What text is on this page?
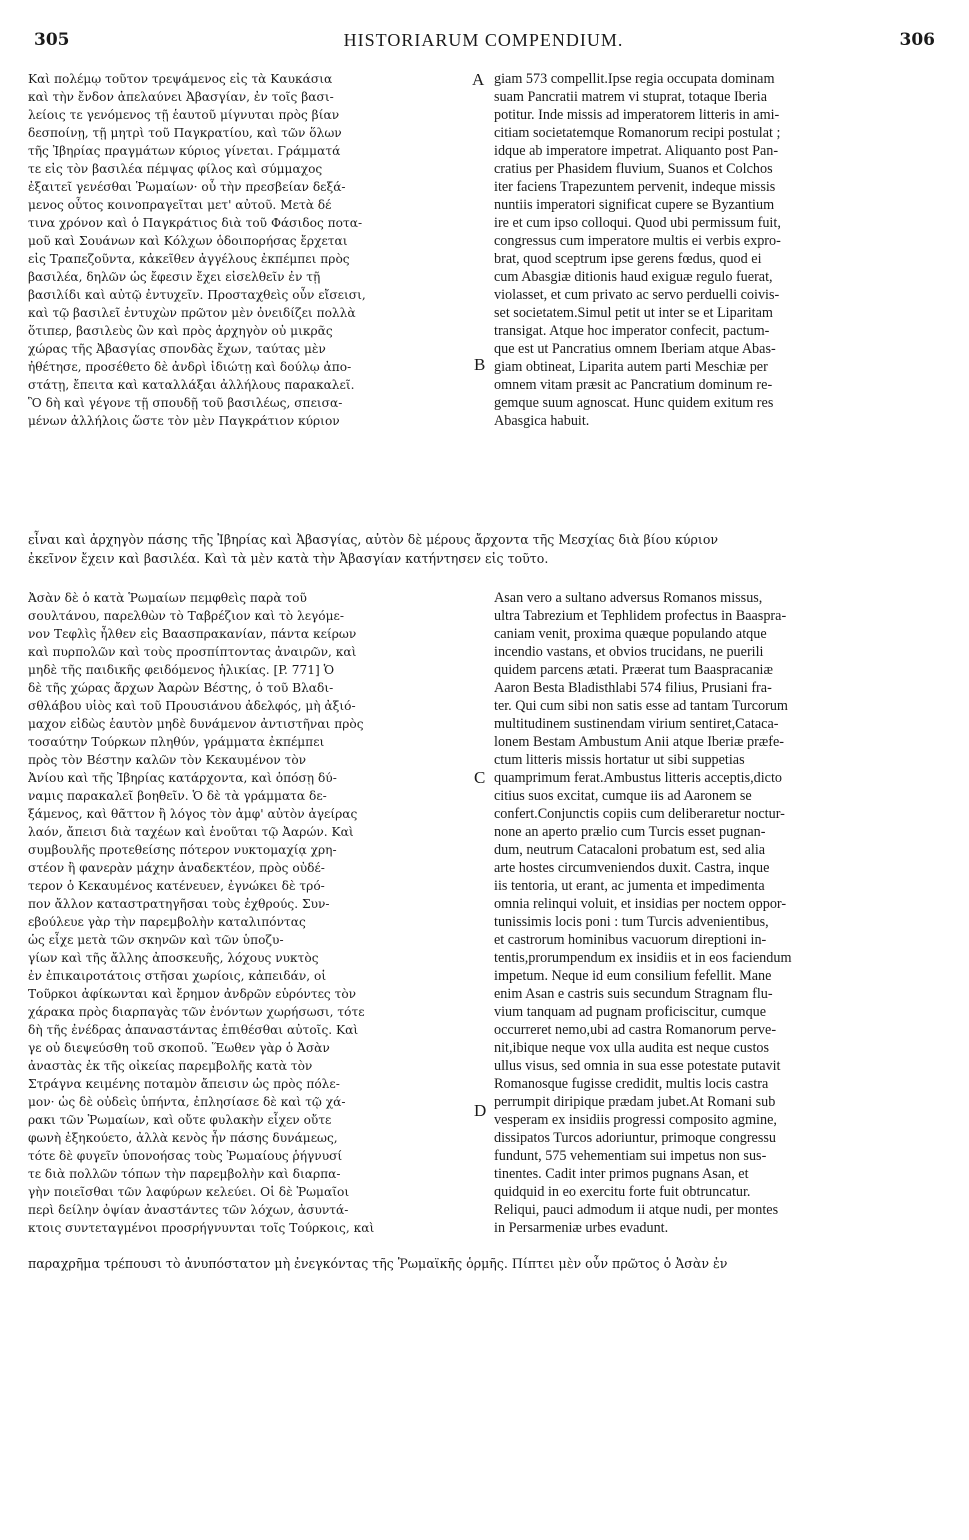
305	HISTORIARUM COMPENDIUM.	306
Καὶ πολέμῳ τοῦτον τρεψάμενος εἰς τὰ Καυκάσια
καὶ τὴν ἔνδον ἀπελαύνει Ἀβασγίαν, ἐν τοῖς βασι-
λείοις τε γενόμενος τῇ ἑαυτοῦ μίγνυται πρὸς βίαν
δεσποίνῃ, τῇ μητρὶ τοῦ Παγκρατίου, καὶ τῶν ὅλων
τῆς Ἰβηρίας πραγμάτων κύριος γίνεται. Γράμματά
τε εἰς τὸν βασιλέα πέμψας φίλος καὶ σύμμαχος
ἐξαιτεῖ γενέσθαι Ῥωμαίων· οὗ τὴν πρεσβείαν δεξά-
μενος οὗτος κοινοπραγεῖται μετ' αὐτοῦ. Μετὰ δέ
τινα χρόνον καὶ ὁ Παγκράτιος διὰ τοῦ Φάσιδος ποτα-
μοῦ καὶ Σουάνων καὶ Κόλχων ὁδοιπορήσας ἔρχεται
εἰς Τραπεζοῦντα, κἀκεῖθεν ἀγγέλους ἐκπέμπει πρὸς
βασιλέα, δηλῶν ὡς ἔφεσιν ἔχει εἰσελθεῖν ἐν τῇ
βασιλίδι καὶ αὐτῷ ἐντυχεῖν. Προσταχθεὶς οὖν εἴσεισι,
καὶ τῷ βασιλεῖ ἐντυχὼν πρῶτον μὲν ὀνειδίζει πολλὰ
ὅτιπερ, βασιλεὺς ὢν καὶ πρὸς ἀρχηγὸν οὐ μικρᾶς
χώρας τῆς Ἀβασγίας σπονδὰς ἔχων, ταύτας μὲν
ἠθέτησε, προσέθετο δὲ ἀνδρὶ ἰδιώτῃ καὶ δούλῳ ἀπο-
στάτῃ, ἔπειτα καὶ καταλλάξαι ἀλλήλους παρακαλεῖ.
Ὃ δὴ καὶ γέγονε τῇ σπουδῇ τοῦ βασιλέως, σπεισα-
μένων ἀλλήλοις ὥστε τὸν μὲν Παγκράτιον κύριον
giam 573 compellit.Ipse regia occupata dominam
suam Pancratii matrem vi stuprat, totaque Iberia
potitur. Inde missis ad imperatorem litteris in ami-
citiam societatemque Romanorum recipi postulat ;
idque ab imperatore impetrat. Aliquanto post Pan-
cratius per Phasidem fluvium, Suanos et Colchos
iter faciens Trapezuntem pervenit, indeque missis
nuntiis imperatori significat cupere se Byzantium
ire et cum ipso colloqui. Quod ubi permissum fuit,
congressus cum imperatore multis ei verbis expro-
brat, quod sceptrum ipse gerens fœdus, quod ei
cum Abasgiæ ditionis haud exiguæ regulo fuerat,
violasset, et cum privato ac servo perduelli coivis-
set societatem.Simul petit ut inter se et Liparitam
transigat. Atque hoc imperator confecit, pactum-
que est ut Pancratius omnem Iberiam atque Abas-
giam obtineat, Liparita autem parti Meschiæ per
omnem vitam præsit ac Pancratium dominum re-
gemque suum agnoscat. Hunc quidem exitum res
Abasgica habuit.
A
B
εἶναι καὶ ἀρχηγὸν πάσης τῆς Ἰβηρίας καὶ Ἀβασγίας, αὐτὸν δὲ μέρους ἄρχοντα τῆς Μεσχίας διὰ βίου κύριον
ἐκεῖνον ἔχειν καὶ βασιλέα. Καὶ τὰ μὲν κατὰ τὴν Ἀβασγίαν κατήντησεν εἰς τοῦτο.
Ἀσὰν δὲ ὁ κατὰ Ῥωμαίων πεμφθεὶς παρὰ τοῦ
σουλτάνου, παρελθὼν τὸ Ταβρέζιον καὶ τὸ λεγόμε-
νον Τεφλὶς ἦλθεν εἰς Βαασπρακανίαν, πάντα κείρων
καὶ πυρπολῶν καὶ τοὺς προσπίπτοντας ἀναιρῶν, καὶ
μηδὲ τῆς παιδικῆς φειδόμενος ἡλικίας. [P. 771] Ὁ
δὲ τῆς χώρας ἄρχων Ἀαρὼν Βέστης, ὁ τοῦ Βλαδι-
σθλάβου υἱὸς καὶ τοῦ Προυσιάνου ἀδελφός, μὴ ἀξιό-
μαχον εἰδὼς ἑαυτὸν μηδὲ δυνάμενον ἀντιστῆναι πρὸς
τοσαύτην Τούρκων πληθύν, γράμματα ἐκπέμπει
πρὸς τὸν Βέστην καλῶν τὸν Κεκαυμένον τὸν
Ἀνίου καὶ τῆς Ἰβηρίας κατάρχοντα, καὶ ὁπόσῃ δύ-
ναμις παρακαλεῖ βοηθεῖν. Ὁ δὲ τὰ γράμματα δε-
ξάμενος, καὶ θᾶττον ἢ λόγος τὸν ἀμφ' αὐτὸν ἀγείρας
λαόν, ἄπεισι διὰ ταχέων καὶ ἑνοῦται τῷ Ἀαρών. Καὶ
συμβουλῆς προτεθείσης πότερον νυκτομαχίᾳ χρη-
στέον ἢ φανερὰν μάχην ἀναδεκτέον, πρὸς οὐδέ-
τερον ὁ Κεκαυμένος κατένευεν, ἐγνώκει δὲ τρό-
πον ἄλλον καταστρατηγῆσαι τοὺς ἐχθρούς. Συν-
εβούλευε γὰρ τὴν παρεμβολὴν καταλιπόντας
ὡς εἶχε μετὰ τῶν σκηνῶν καὶ τῶν ὑποζυ-
γίων καὶ τῆς ἄλλης ἀποσκευῆς, λόχους νυκτὸς
ἐν ἐπικαιροτάτοις στῆσαι χωρίοις, κἀπειδάν, οἱ
Τοῦρκοι ἀφίκωνται καὶ ἔρημον ἀνδρῶν εὑρόντες τὸν
χάρακα πρὸς διαρπαγὰς τῶν ἐνόντων χωρήσωσι, τότε
δὴ τῆς ἐνέδρας ἀπαναστάντας ἐπιθέσθαι αὐτοῖς. Καὶ
γε οὐ διεψεύσθη τοῦ σκοποῦ. Ἕωθεν γὰρ ὁ Ἀσὰν
ἀναστὰς ἐκ τῆς οἰκείας παρεμβολῆς κατὰ τὸν
Στράγνα κειμένης ποταμὸν ἄπεισιν ὡς πρὸς πόλε-
μον· ὡς δὲ οὐδεὶς ὑπήντα, ἐπλησίασε δὲ καὶ τῷ χά-
ρακι τῶν Ῥωμαίων, καὶ οὔτε φυλακὴν εἶχεν οὔτε
φωνὴ ἐξηκούετο, ἀλλὰ κενὸς ἦν πάσης δυνάμεως,
τότε δὲ φυγεῖν ὑπονοήσας τοὺς Ῥωμαίους ῥήγνυσί
τε διὰ πολλῶν τόπων τὴν παρεμβολὴν καὶ διαρπα-
γὴν ποιεῖσθαι τῶν λαφύρων κελεύει. Οἱ δὲ Ῥωμαῖοι
περὶ δείλην ὀψίαν ἀναστάντες τῶν λόχων, ἀσυντά-
κτοις συντεταγμένοι προσρήγνυνται τοῖς Τούρκοις, καὶ
Asan vero a sultano adversus Romanos missus,
ultra Tabrezium et Tephlidem profectus in Baaspra-
caniam venit, proxima quæque populando atque
incendio vastans, et obvios trucidans, ne puerili
quidem parcens ætati. Præerat tum Baaspracaniæ
Aaron Besta Bladisthlabi 574 filius, Prusiani fra-
ter. Qui cum sibi non satis esse ad tantam Turcorum
multitudinem sustinendam virium sentiret,Cataca-
lonem Bestam Ambustum Anii atque Iberiæ præfe-
ctum litteris missis hortatur ut sibi suppetias
quamprimum ferat.Ambustus litteris acceptis,dicto
citius suos excitat, cumque iis ad Aaronem se
confert.Conjunctis copiis cum deliberaretur noctur-
none an aperto prælio cum Turcis esset pugnan-
dum, neutrum Catacaloni probatum est, sed alia
arte hostes circumveniendos duxit. Castra, inque
iis tentoria, ut erant, ac jumenta et impedimenta
omnia relinqui voluit, et insidias per noctem oppor-
tunissimis locis poni : tum Turcis advenientibus,
et castrorum hominibus vacuorum direptioni in-
tentis,prorumpendum ex insidiis et in eos faciendum
impetum. Neque id eum consilium fefellit. Mane
enim Asan e castris suis secundum Stragnam flu-
vium tanquam ad pugnam proficiscitur, cumque
occurreret nemo,ubi ad castra Romanorum perve-
nit,ibique neque vox ulla audita est neque custos
ullus visus, sed omnia in sua esse potestate putavit
Romanosque fugisse credidit, multis locis castra
perrumpit diripique prædam jubet.At Romani sub
vesperam ex insidiis progressi composito agmine,
dissipatos Turcos adoriuntur, primoque congressu
fundunt, 575 vehementiam sui impetus non sus-
tinentes. Cadit inter primos pugnans Asan, et
quidquid in eo exercitu forte fuit obtruncatur.
Reliqui, pauci admodum ii atque nudi, per montes
in Persarmeniæ urbes evadunt.
C
D
παραχρῆμα τρέπουσι τὸ ἀνυπόστατον μὴ ἐνεγκόντας τῆς Ῥωμαϊκῆς ὁρμῆς. Πίπτει μὲν οὖν πρῶτος ὁ Ἀσὰν ἐν
